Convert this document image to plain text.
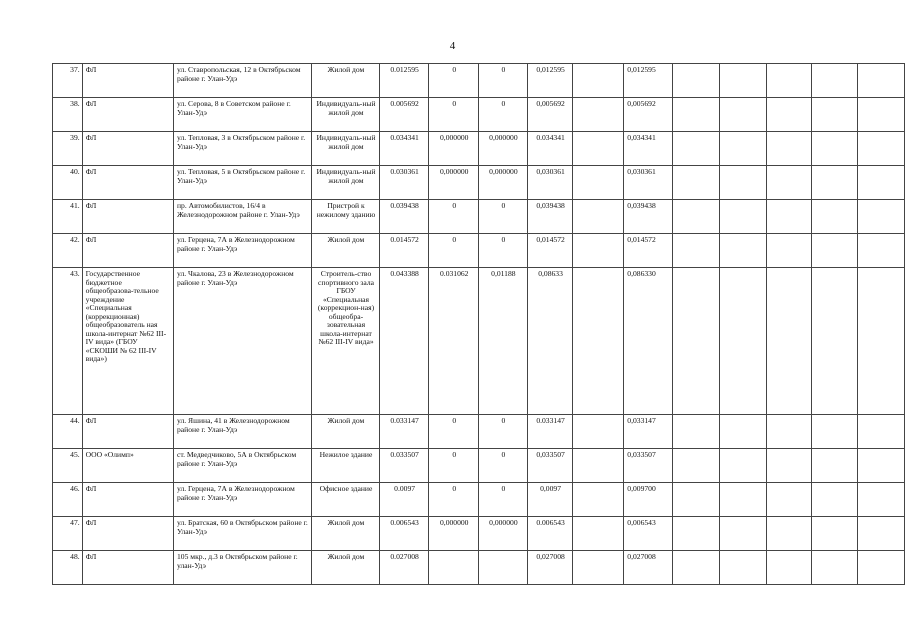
4
37.	ФЛ	ул. Ставропольская, 12 в Октябрьском районе г. Улан-Удэ	Жилой дом	0.012595	0	0	0,012595		0,012595					
38.	ФЛ	ул. Серова, 8 в Советском районе г. Улан-Удэ	Индивидуаль-ный жилой дом	0.005692	0	0	0,005692		0,005692					
39.	ФЛ	ул. Тепловая, 3 в Октябрьском районе г. Улан-Удэ	Индивидуаль-ный жилой дом	0.034341	0,000000	0,000000	0.034341		0,034341					
40.	ФЛ	ул. Тепловая, 5 в Октябрьском районе г. Улан-Удэ	Индивидуаль-ный жилой дом	0.030361	0,000000	0,000000	0,030361		0,030361					
41.	ФЛ	пр. Автомобилистов, 16/4 в Железнодорожном районе г. Улан-Удэ	Пристрой к нежилому зданию	0.039438	0	0	0,039438		0,039438					
42.	ФЛ	ул. Герцена, 7А в Железнодорожном районе г. Улан-Удэ	Жилой дом	0.014572	0	0	0,014572		0,014572					
43.	Государственное бюджетное общеобразова-тельное учреждение «Специальная (коррекционная) общеобразователь ная школа-интернат №62 III-IV вида» (ГБОУ «СКОШИ № 62 III-IV вида»)	ул. Чкалова, 23 в Железнодорожном районе г. Улан-Удэ	Строитель-ство спортивного зала ГБОУ «Специальная (коррекцион-ная) общеобра-зовательная школа-интернат №62 III-IV вида»	0.043388	0.031062	0,01188	0,08633		0,086330					
44.	ФЛ	ул. Яшина, 41 в Железнодорожном районе г. Улан-Удэ	Жилой дом	0.033147	0	0	0.033147		0,033147					
45.	ООО «Олимп»	ст. Медведчиково, 5А в Октябрьском районе г. Улан-Удэ	Нежилое здание	0.033507	0	0	0,033507		0,033507					
46.	ФЛ	ул. Герцена, 7А в Железнодорожном районе г. Улан-Удэ	Офисное здание	0.0097	0	0	0,0097		0,009700					
47.	ФЛ	ул. Братская, 60 в Октябрьском районе г. Улан-Удэ	Жилой дом	0.006543	0,000000	0,000000	0.006543		0,006543					
48.	ФЛ	105 мкр., д.3 в Октябрьском районе г. улан-Удэ	Жилой дом	0.027008			0,027008		0,027008					
